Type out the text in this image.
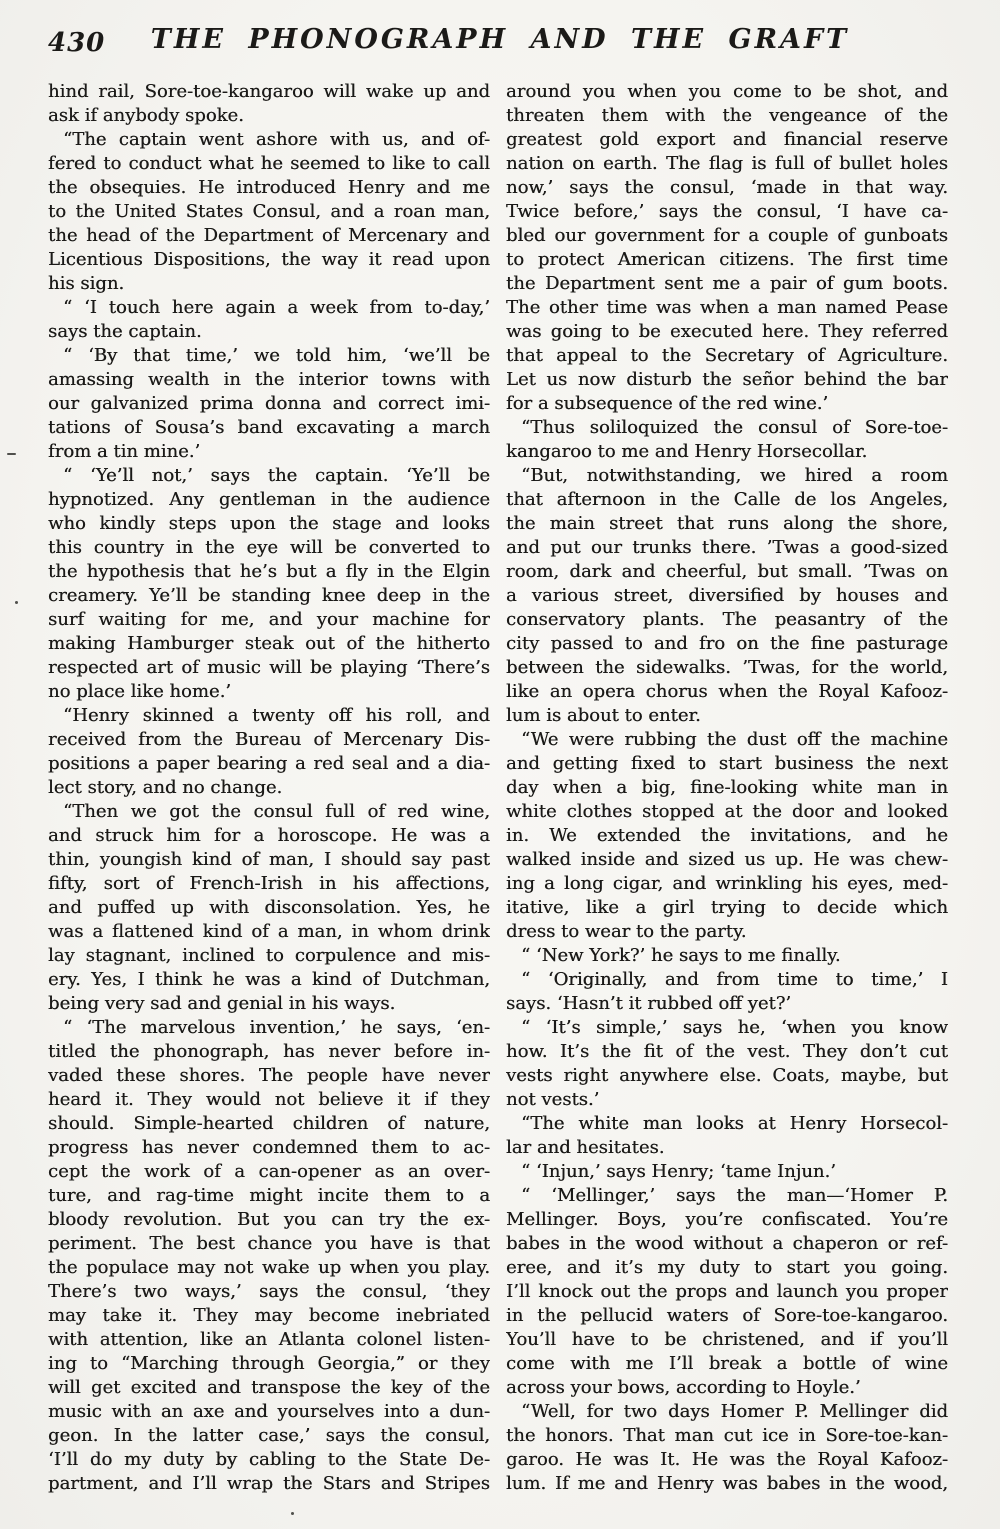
430	THE PHONOGRAPH AND THE GRAFT
hind rail, Sore-toe-kangaroo will wake up and
ask if anybody spoke.
“The captain went ashore with us, and of-
fered to conduct what he seemed to like to call
the obsequies. He introduced Henry and me
to the United States Consul, and a roan man,
the head of the Department of Mercenary and
Licentious Dispositions, the way it read upon
his sign.
“ ‘I touch here again a week from to-day,’
says the captain.
“ ‘By that time,’ we told him, ‘we’ll be
amassing wealth in the interior towns with
our galvanized prima donna and correct imi-
tations of Sousa’s band excavating a march
from a tin mine.’
“ ‘Ye’ll not,’ says the captain. ‘Ye’ll be
hypnotized. Any gentleman in the audience
who kindly steps upon the stage and looks
this country in the eye will be converted to
the hypothesis that he’s but a fly in the Elgin
creamery. Ye’ll be standing knee deep in the
surf waiting for me, and your machine for
making Hamburger steak out of the hitherto
respected art of music will be playing ‘There’s
no place like home.’
“Henry skinned a twenty off his roll, and
received from the Bureau of Mercenary Dis-
positions a paper bearing a red seal and a dia-
lect story, and no change.
“Then we got the consul full of red wine,
and struck him for a horoscope. He was a
thin, youngish kind of man, I should say past
fifty, sort of French-Irish in his affections,
and puffed up with disconsolation. Yes, he
was a flattened kind of a man, in whom drink
lay stagnant, inclined to corpulence and mis-
ery. Yes, I think he was a kind of Dutchman,
being very sad and genial in his ways.
“ ‘The marvelous invention,’ he says, ‘en-
titled the phonograph, has never before in-
vaded these shores. The people have never
heard it. They would not believe it if they
should. Simple-hearted children of nature,
progress has never condemned them to ac-
cept the work of a can-opener as an over-
ture, and rag-time might incite them to a
bloody revolution. But you can try the ex-
periment. The best chance you have is that
the populace may not wake up when you play.
There’s two ways,’ says the consul, ‘they
may take it. They may become inebriated
with attention, like an Atlanta colonel listen-
ing to “Marching through Georgia,” or they
will get excited and transpose the key of the
music with an axe and yourselves into a dun-
geon. In the latter case,’ says the consul,
‘I’ll do my duty by cabling to the State De-
partment, and I’ll wrap the Stars and Stripes
around you when you come to be shot, and
threaten them with the vengeance of the
greatest gold export and financial reserve
nation on earth. The flag is full of bullet holes
now,’ says the consul, ‘made in that way.
Twice before,’ says the consul, ‘I have ca-
bled our government for a couple of gunboats
to protect American citizens. The first time
the Department sent me a pair of gum boots.
The other time was when a man named Pease
was going to be executed here. They referred
that appeal to the Secretary of Agriculture.
Let us now disturb the señor behind the bar
for a subsequence of the red wine.’
“Thus soliloquized the consul of Sore-toe-
kangaroo to me and Henry Horsecollar.
“But, notwithstanding, we hired a room
that afternoon in the Calle de los Angeles,
the main street that runs along the shore,
and put our trunks there. ’Twas a good-sized
room, dark and cheerful, but small. ’Twas on
a various street, diversified by houses and
conservatory plants. The peasantry of the
city passed to and fro on the fine pasturage
between the sidewalks. ’Twas, for the world,
like an opera chorus when the Royal Kafooz-
lum is about to enter.
“We were rubbing the dust off the machine
and getting fixed to start business the next
day when a big, fine-looking white man in
white clothes stopped at the door and looked
in. We extended the invitations, and he
walked inside and sized us up. He was chew-
ing a long cigar, and wrinkling his eyes, med-
itative, like a girl trying to decide which
dress to wear to the party.
“ ‘New York?’ he says to me finally.
“ ‘Originally, and from time to time,’ I
says. ‘Hasn’t it rubbed off yet?’
“ ‘It’s simple,’ says he, ‘when you know
how. It’s the fit of the vest. They don’t cut
vests right anywhere else. Coats, maybe, but
not vests.’
“The white man looks at Henry Horsecol-
lar and hesitates.
“ ‘Injun,’ says Henry; ‘tame Injun.’
“ ‘Mellinger,’ says the man—‘Homer P.
Mellinger. Boys, you’re confiscated. You’re
babes in the wood without a chaperon or ref-
eree, and it’s my duty to start you going.
I’ll knock out the props and launch you proper
in the pellucid waters of Sore-toe-kangaroo.
You’ll have to be christened, and if you’ll
come with me I’ll break a bottle of wine
across your bows, according to Hoyle.’
“Well, for two days Homer P. Mellinger did
the honors. That man cut ice in Sore-toe-kan-
garoo. He was It. He was the Royal Kafooz-
lum. If me and Henry was babes in the wood,
